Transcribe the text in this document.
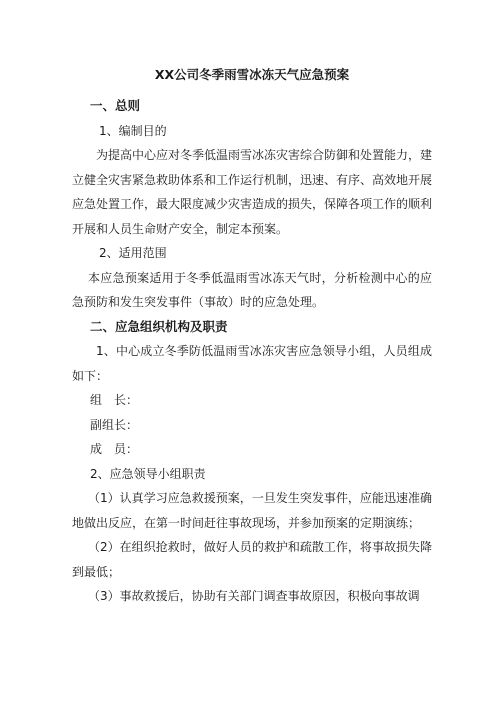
XX公司冬季雨雪冰冻天气应急预案
一、总则
1、编制目的

为提高中心应对冬季低温雨雪冰冻灾害综合防御和处置能力，建立健全灾害紧急救助体系和工作运行机制，迅速、有序、高效地开展应急处置工作，最大限度减少灾害造成的损失，保障各项工作的顺利开展和人员生命财产安全，制定本预案。

2、适用范围

本应急预案适用于冬季低温雨雪冰冻天气时，分析检测中心的应急预防和发生突发事件（事故）时的应急处理。

二、应急组织机构及职责

1、中心成立冬季防低温雨雪冰冻灾害应急领导小组，人员组成如下：

组　长：
副组长：
成　员：
2、应急领导小组职责

（1）认真学习应急救援预案，一旦发生突发事件，应能迅速准确地做出反应，在第一时间赶往事故现场，并参加预案的定期演练；

（2）在组织抢救时，做好人员的救护和疏散工作，将事故损失降到最低；

（3）事故救援后，协助有关部门调查事故原因，积极向事故调
